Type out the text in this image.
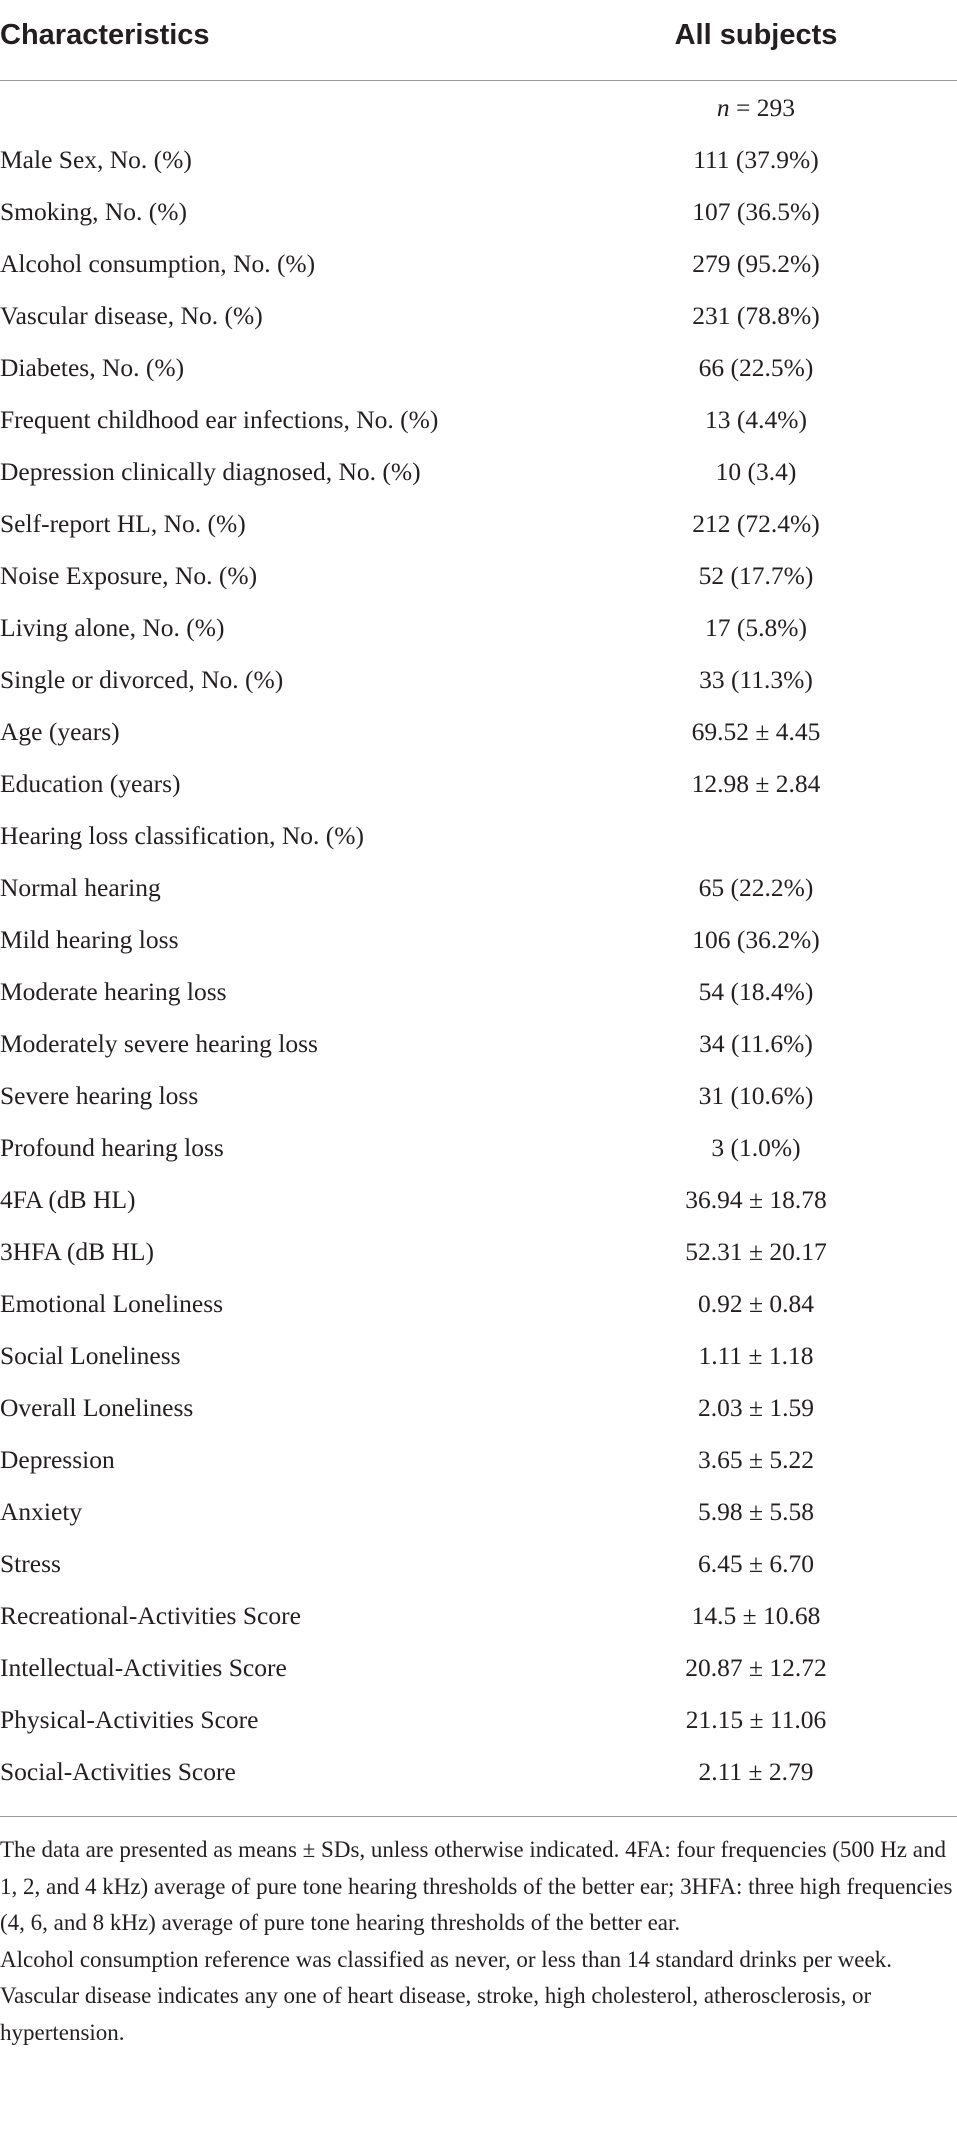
Characteristics	All subjects
n = 293
Male Sex, No. (%)	111 (37.9%)
Smoking, No. (%)	107 (36.5%)
Alcohol consumption, No. (%)	279 (95.2%)
Vascular disease, No. (%)	231 (78.8%)
Diabetes, No. (%)	66 (22.5%)
Frequent childhood ear infections, No. (%)	13 (4.4%)
Depression clinically diagnosed, No. (%)	10 (3.4)
Self-report HL, No. (%)	212 (72.4%)
Noise Exposure, No. (%)	52 (17.7%)
Living alone, No. (%)	17 (5.8%)
Single or divorced, No. (%)	33 (11.3%)
Age (years)	69.52 ± 4.45
Education (years)	12.98 ± 2.84
Hearing loss classification, No. (%)
Normal hearing	65 (22.2%)
Mild hearing loss	106 (36.2%)
Moderate hearing loss	54 (18.4%)
Moderately severe hearing loss	34 (11.6%)
Severe hearing loss	31 (10.6%)
Profound hearing loss	3 (1.0%)
4FA (dB HL)	36.94 ± 18.78
3HFA (dB HL)	52.31 ± 20.17
Emotional Loneliness	0.92 ± 0.84
Social Loneliness	1.11 ± 1.18
Overall Loneliness	2.03 ± 1.59
Depression	3.65 ± 5.22
Anxiety	5.98 ± 5.58
Stress	6.45 ± 6.70
Recreational-Activities Score	14.5 ± 10.68
Intellectual-Activities Score	20.87 ± 12.72
Physical-Activities Score	21.15 ± 11.06
Social-Activities Score	2.11 ± 2.79

The data are presented as means ± SDs, unless otherwise indicated. 4FA: four frequencies (500 Hz and 1, 2, and 4 kHz) average of pure tone hearing thresholds of the better ear; 3HFA: three high frequencies (4, 6, and 8 kHz) average of pure tone hearing thresholds of the better ear.

Alcohol consumption reference was classified as never, or less than 14 standard drinks per week.

Vascular disease indicates any one of heart disease, stroke, high cholesterol, atherosclerosis, or hypertension.
